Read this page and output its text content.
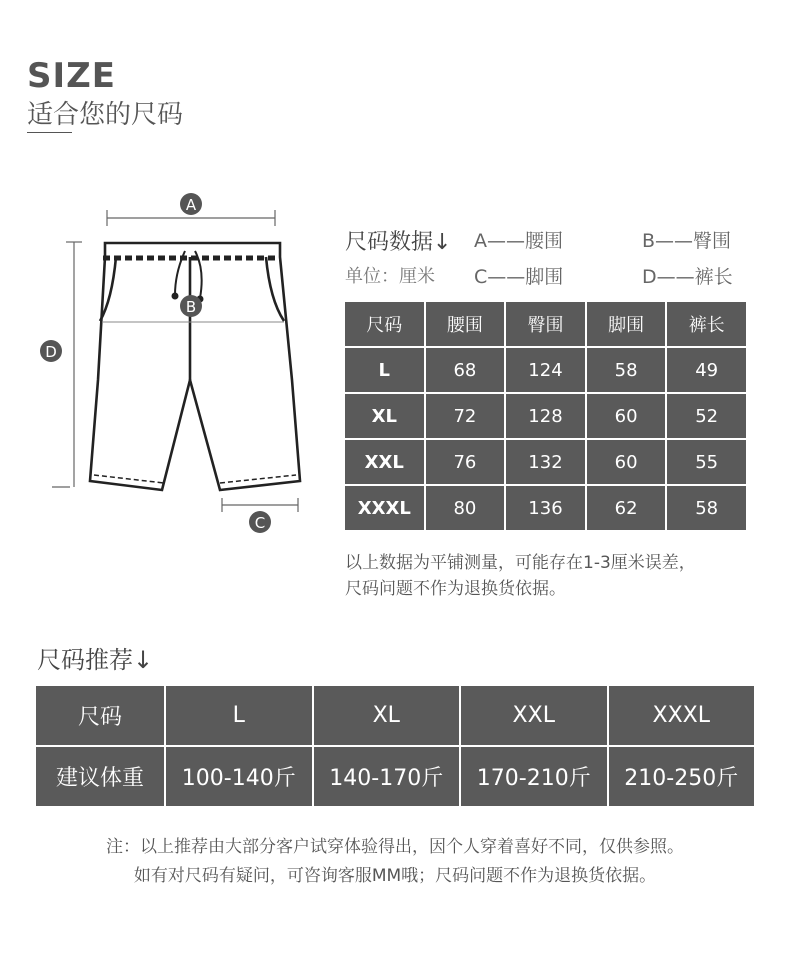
SIZE
适合您的尺码
A
D
B
C
尺码数据↓ A——腰围	B——臀围
单位：厘米 C——脚围	D——裤长
尺码	腰围	臀围	脚围	裤长
L	68	124	58	49
XL	72	128	60	52
XXL	76	132	60	55
XXXL	80	136	62	58
以上数据为平铺测量，可能存在1-3厘米误差，
尺码问题不作为退换货依据。
尺码推荐↓
尺码	L	XL	XXL	XXXL
建议体重	100-140斤	140-170斤	170-210斤	210-250斤
注：以上推荐由大部分客户试穿体验得出，因个人穿着喜好不同，仅供参照。
如有对尺码有疑问，可咨询客服MM哦；尺码问题不作为退换货依据。
